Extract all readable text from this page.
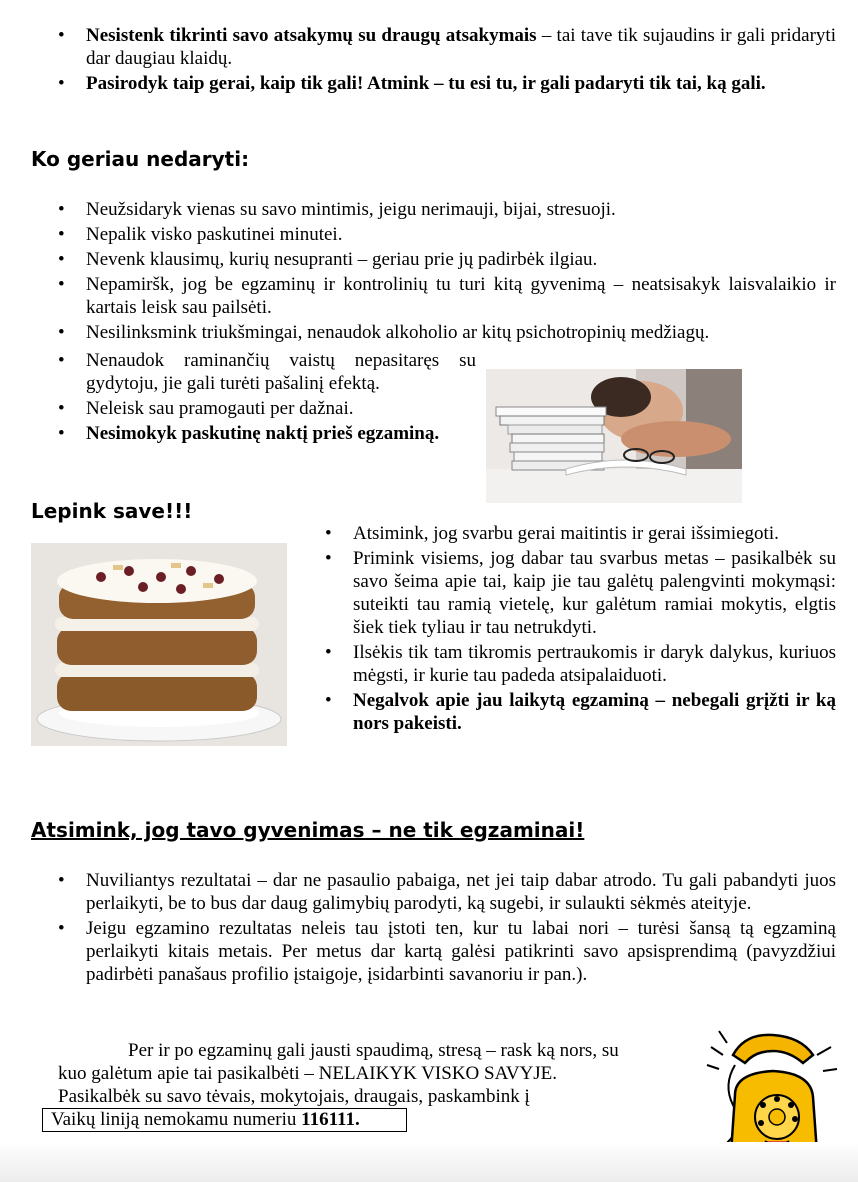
• Nesistenk tikrinti savo atsakymų su draugų atsakymais – tai tave tik sujaudins ir gali pridaryti dar daugiau klaidų.
• Pasirodyk taip gerai, kaip tik gali! Atmink – tu esi tu, ir gali padaryti tik tai, ką gali.
Ko geriau nedaryti:
• Neužsidaryk vienas su savo mintimis, jeigu nerimauji, bijai, stresuoji.
• Nepalik visko paskutinei minutei.
• Nevenk klausimų, kurių nesupranti – geriau prie jų padirbėk ilgiau.
• Nepamiršk, jog be egzaminų ir kontrolinių tu turi kitą gyvenimą – neatsisakyk laisvalaikio ir kartais leisk sau pailsėti.
• Nesilinksmink triukšmingai, nenaudok alkoholio ar kitų psichotropinių medžiagų.
• Nenaudok raminančių vaistų nepasitaręs su gydytoju, jie gali turėti pašalinį efektą.
• Neleisk sau pramogauti per dažnai.
• Nesimokyk paskutinę naktį prieš egzaminą.
Lepink save!!!
• Atsimink, jog svarbu gerai maitintis ir gerai išsimiegoti.
• Primink visiems, jog dabar tau svarbus metas – pasikalbėk su savo šeima apie tai, kaip jie tau galėtų palengvinti mokymąsi: suteikti tau ramią vietelę, kur galėtum ramiai mokytis, elgtis šiek tiek tyliau ir tau netrukdyti.
• Ilsėkis tik tam tikromis pertraukomis ir daryk dalykus, kuriuos mėgsti, ir kurie tau padeda atsipalaiduoti.
• Negalvok apie jau laikytą egzaminą – nebegali grįžti ir ką nors pakeisti.
Atsimink, jog tavo gyvenimas – ne tik egzaminai!
• Nuviliantys rezultatai – dar ne pasaulio pabaiga, net jei taip dabar atrodo. Tu gali pabandyti juos perlaikyti, be to bus dar daug galimybių parodyti, ką sugebi, ir sulaukti sėkmės ateityje.
• Jeigu egzamino rezultatas neleis tau įstoti ten, kur tu labai nori – turėsi šansą tą egzaminą perlaikyti kitais metais. Per metus dar kartą galėsi patikrinti savo apsisprendimą (pavyzdžiui padirbėti panašaus profilio įstaigoje, įsidarbinti savanoriu ir pan.).
Per ir po egzaminų gali jausti spaudimą, stresą – rask ką nors, su
kuo galėtum apie tai pasikalbėti – NELAIKYK VISKO SAVYJE.
Pasikalbėk su savo tėvais, mokytojais, draugais, paskambink į
Vaikų liniją nemokamu numeriu 116111.
